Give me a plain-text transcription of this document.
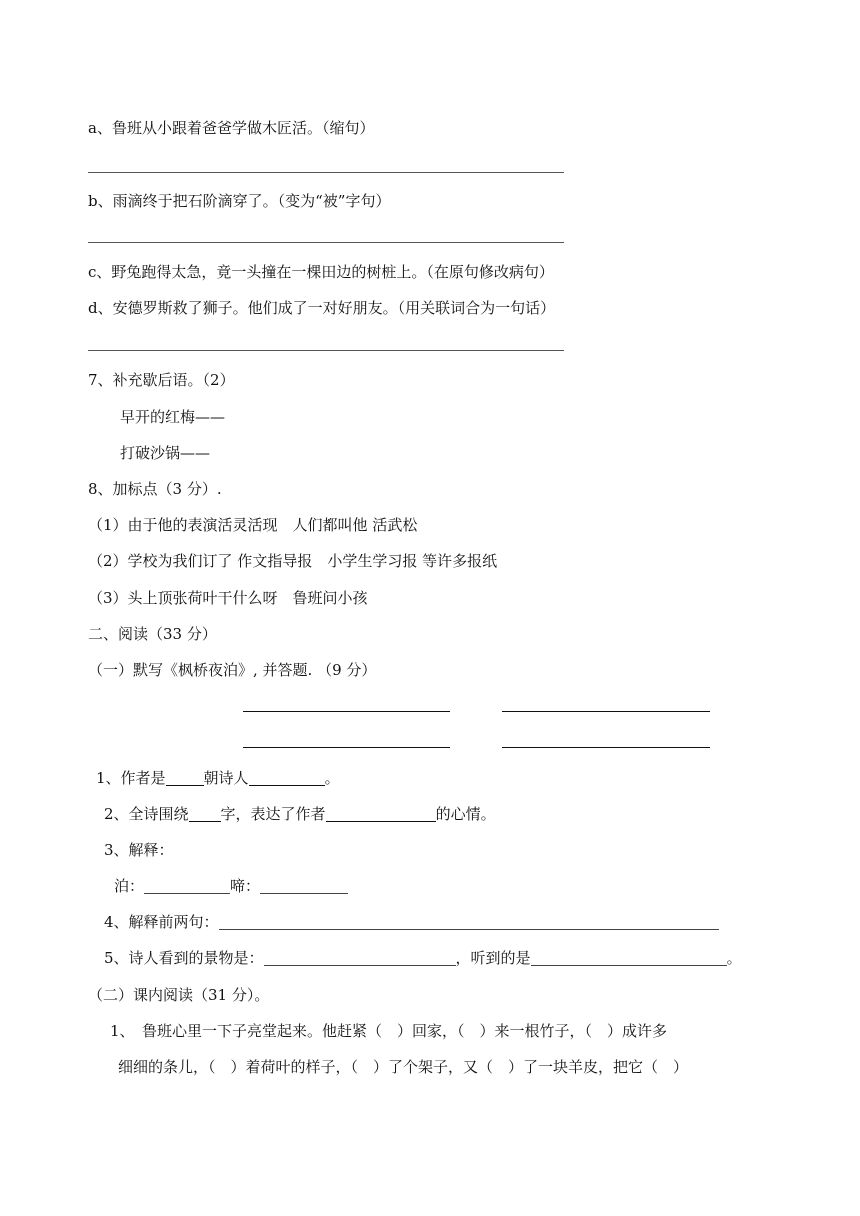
a、鲁班从小跟着爸爸学做木匠活。（缩句）
b、雨滴终于把石阶滴穿了。（变为“被”字句）
c、野兔跑得太急，竟一头撞在一棵田边的树桩上。（在原句修改病句）
d、安德罗斯救了狮子。他们成了一对好朋友。（用关联词合为一句话）
7、补充歇后语。（2）
早开的红梅——
打破沙锅——
8、加标点（3 分）.
（1）由于他的表演活灵活现　人们都叫他 活武松
（2）学校为我们订了 作文指导报　小学生学习报 等许多报纸
（3）头上顶张荷叶干什么呀　鲁班问小孩
二、阅读（33 分）
（一）默写《枫桥夜泊》, 并答题. （9 分）
1、作者是	朝诗人	。
2、全诗围绕 字，表达了作者	的心情。
3、解释：
泊：	啼：
4、解释前两句：
5、诗人看到的景物是：	，听到的是	。
（二）课内阅读（31 分）。
1、　鲁班心里一下子亮堂起来。他赶紧（　）回家，（　）来一根竹子，（　）成许多
细细的条儿，（　）着荷叶的样子，（　）了个架子，又（　）了一块羊皮，把它（　）
